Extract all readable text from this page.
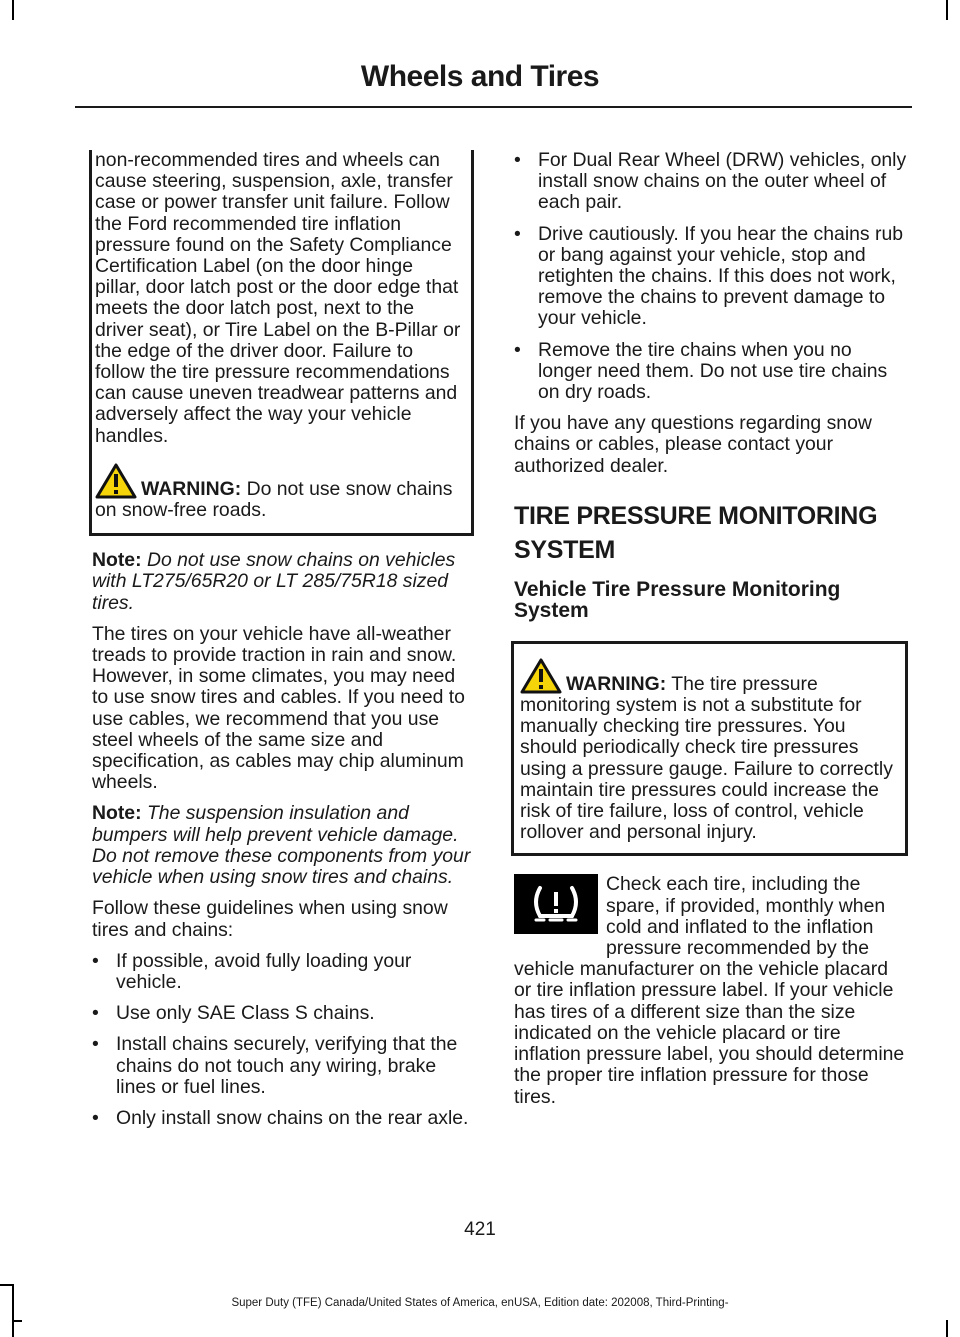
Wheels and Tires

non-recommended tires and wheels can cause steering, suspension, axle, transfer case or power transfer unit failure. Follow the Ford recommended tire inflation pressure found on the Safety Compliance Certification Label (on the door hinge pillar, door latch post or the door edge that meets the door latch post, next to the driver seat), or Tire Label on the B-Pillar or the edge of the driver door. Failure to follow the tire pressure recommendations can cause uneven treadwear patterns and adversely affect the way your vehicle handles.

WARNING: Do not use snow chains on snow-free roads.

Note: Do not use snow chains on vehicles with LT275/65R20 or LT 285/75R18 sized tires.

The tires on your vehicle have all-weather treads to provide traction in rain and snow. However, in some climates, you may need to use snow tires and cables. If you need to use cables, we recommend that you use steel wheels of the same size and specification, as cables may chip aluminum wheels.

Note: The suspension insulation and bumpers will help prevent vehicle damage. Do not remove these components from your vehicle when using snow tires and chains.

Follow these guidelines when using snow tires and chains:

• If possible, avoid fully loading your vehicle.
• Use only SAE Class S chains.
• Install chains securely, verifying that the chains do not touch any wiring, brake lines or fuel lines.
• Only install snow chains on the rear axle.
• For Dual Rear Wheel (DRW) vehicles, only install snow chains on the outer wheel of each pair.
• Drive cautiously. If you hear the chains rub or bang against your vehicle, stop and retighten the chains. If this does not work, remove the chains to prevent damage to your vehicle.
• Remove the tire chains when you no longer need them. Do not use tire chains on dry roads.

If you have any questions regarding snow chains or cables, please contact your authorized dealer.

TIRE PRESSURE MONITORING SYSTEM
Vehicle Tire Pressure Monitoring System

WARNING: The tire pressure monitoring system is not a substitute for manually checking tire pressures. You should periodically check tire pressures using a pressure gauge. Failure to correctly maintain tire pressures could increase the risk of tire failure, loss of control, vehicle rollover and personal injury.

Check each tire, including the spare, if provided, monthly when cold and inflated to the inflation pressure recommended by the vehicle manufacturer on the vehicle placard or tire inflation pressure label. If your vehicle has tires of a different size than the size indicated on the vehicle placard or tire inflation pressure label, you should determine the proper tire inflation pressure for those tires.

421
Super Duty (TFE) Canada/United States of America, enUSA, Edition date: 202008, Third-Printing-
